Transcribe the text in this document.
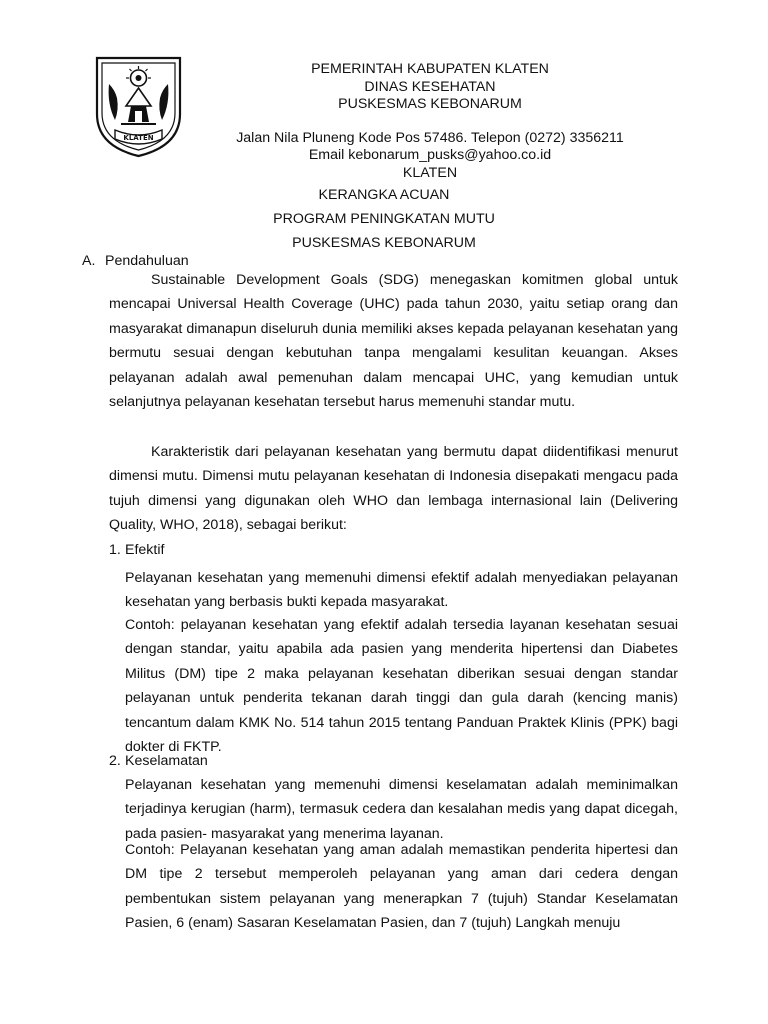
KLATEN
PEMERINTAH KABUPATEN KLATEN
DINAS KESEHATAN
PUSKESMAS KEBONARUM
Jalan Nila Pluneng Kode Pos 57486. Telepon (0272) 3356211
Email kebonarum_pusks@yahoo.co.id
KLATEN
KERANGKA ACUAN
PROGRAM PENINGKATAN MUTU
PUSKESMAS KEBONARUM
A. Pendahuluan
Sustainable Development Goals (SDG) menegaskan komitmen global untuk mencapai Universal Health Coverage (UHC) pada tahun 2030, yaitu setiap orang dan masyarakat dimanapun diseluruh dunia memiliki akses kepada pelayanan kesehatan yang bermutu sesuai dengan kebutuhan tanpa mengalami kesulitan keuangan. Akses pelayanan adalah awal pemenuhan dalam mencapai UHC, yang kemudian untuk selanjutnya pelayanan kesehatan tersebut harus memenuhi standar mutu.
Karakteristik dari pelayanan kesehatan yang bermutu dapat diidentifikasi menurut dimensi mutu. Dimensi mutu pelayanan kesehatan di Indonesia disepakati mengacu pada tujuh dimensi yang digunakan oleh WHO dan lembaga internasional lain (Delivering Quality, WHO, 2018), sebagai berikut:
1. Efektif
Pelayanan kesehatan yang memenuhi dimensi efektif adalah menyediakan pelayanan kesehatan yang berbasis bukti kepada masyarakat.
Contoh: pelayanan kesehatan yang efektif adalah tersedia layanan kesehatan sesuai dengan standar, yaitu apabila ada pasien yang menderita hipertensi dan Diabetes Militus (DM) tipe 2 maka pelayanan kesehatan diberikan sesuai dengan standar pelayanan untuk penderita tekanan darah tinggi dan gula darah (kencing manis) tencantum dalam KMK No. 514 tahun 2015 tentang Panduan Praktek Klinis (PPK) bagi dokter di FKTP.
2. Keselamatan
Pelayanan kesehatan yang memenuhi dimensi keselamatan adalah meminimalkan terjadinya kerugian (harm), termasuk cedera dan kesalahan medis yang dapat dicegah, pada pasien- masyarakat yang menerima layanan.
Contoh: Pelayanan kesehatan yang aman adalah memastikan penderita hipertesi dan DM tipe 2 tersebut memperoleh pelayanan yang aman dari cedera dengan pembentukan sistem pelayanan yang menerapkan 7 (tujuh) Standar Keselamatan Pasien, 6 (enam) Sasaran Keselamatan Pasien, dan 7 (tujuh) Langkah menuju
